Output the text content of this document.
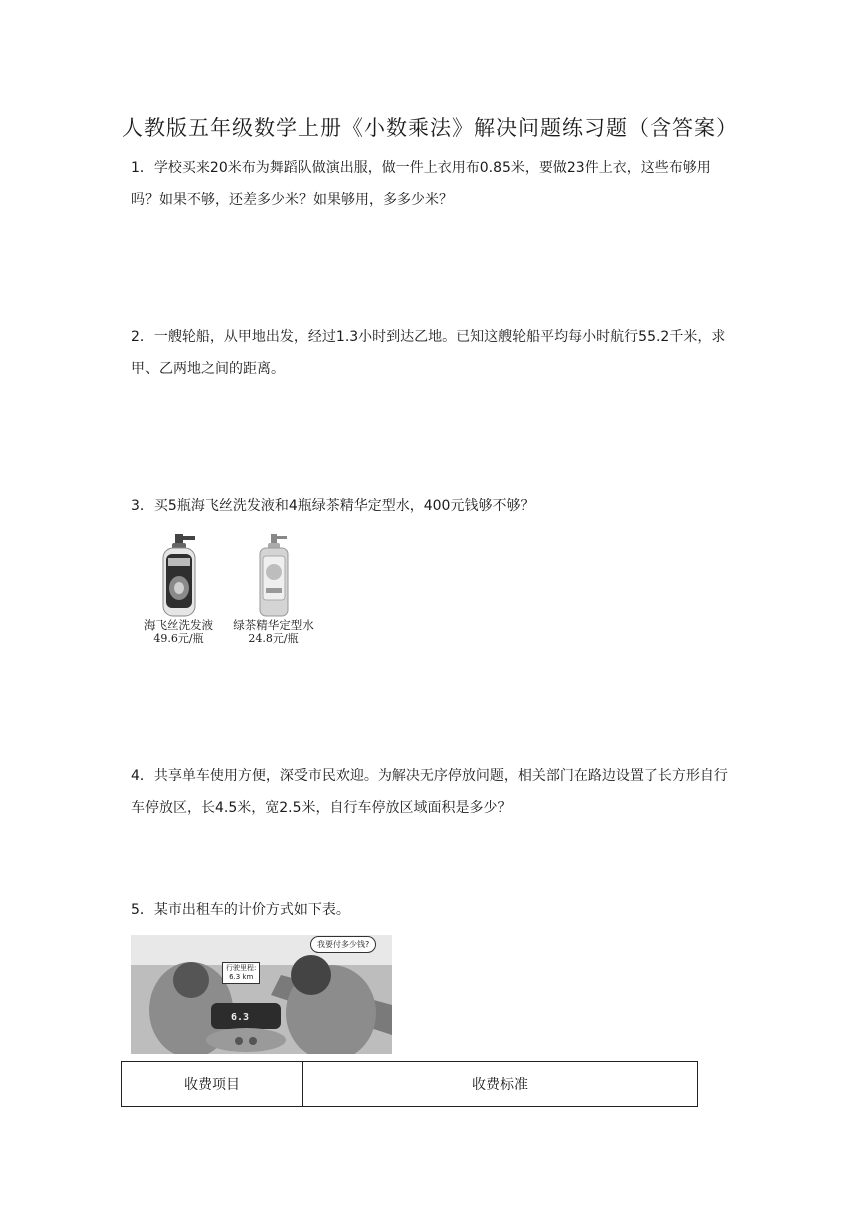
人教版五年级数学上册《小数乘法》解决问题练习题（含答案）
1．学校买来20米布为舞蹈队做演出服，做一件上衣用布0.85米，要做23件上衣，这些布够用吗？如果不够，还差多少米？如果够用，多多少米？
2．一艘轮船，从甲地出发，经过1.3小时到达乙地。已知这艘轮船平均每小时航行55.2千米，求甲、乙两地之间的距离。
3．买5瓶海飞丝洗发液和4瓶绿茶精华定型水，400元钱够不够？
海飞丝洗发液
49.6元/瓶
绿茶精华定型水
24.8元/瓶
4．共享单车使用方便，深受市民欢迎。为解决无序停放问题，相关部门在路边设置了长方形自行车停放区，长4.5米，宽2.5米，自行车停放区域面积是多少？
5．某市出租车的计价方式如下表。
我要付多少钱?
行驶里程:
6.3 km
6.3
收费项目	收费标准
